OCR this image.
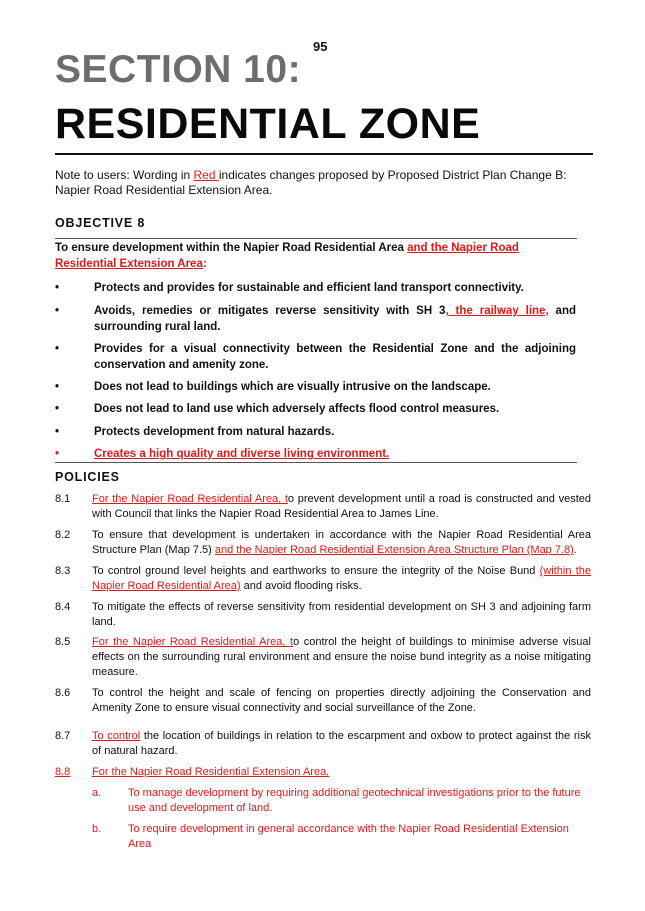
95
SECTION 10:
RESIDENTIAL ZONE
Note to users: Wording in Red indicates changes proposed by Proposed District Plan Change B: Napier Road Residential Extension Area.
OBJECTIVE 8
To ensure development within the Napier Road Residential Area and the Napier Road Residential Extension Area:
•	Protects and provides for sustainable and efficient land transport connectivity.
•	Avoids, remedies or mitigates reverse sensitivity with SH 3, the railway line, and surrounding rural land.
•	Provides for a visual connectivity between the Residential Zone and the adjoining conservation and amenity zone.
•	Does not lead to buildings which are visually intrusive on the landscape.
•	Does not lead to land use which adversely affects flood control measures.
•	Protects development from natural hazards.
•	Creates a high quality and diverse living environment.
POLICIES
8.1	For the Napier Road Residential Area, to prevent development until a road is constructed and vested with Council that links the Napier Road Residential Area to James Line.
8.2	To ensure that development is undertaken in accordance with the Napier Road Residential Area Structure Plan (Map 7.5) and the Napier Road Residential Extension Area Structure Plan (Map 7.8).
8.3	To control ground level heights and earthworks to ensure the integrity of the Noise Bund (within the Napier Road Residential Area) and avoid flooding risks.
8.4	To mitigate the effects of reverse sensitivity from residential development on SH 3 and adjoining farm land.
8.5	For the Napier Road Residential Area, to control the height of buildings to minimise adverse visual effects on the surrounding rural environment and ensure the noise bund integrity as a noise mitigating measure.
8.6	To control the height and scale of fencing on properties directly adjoining the Conservation and Amenity Zone to ensure visual connectivity and social surveillance of the Zone.
8.7	To control the location of buildings in relation to the escarpment and oxbow to protect against the risk of natural hazard.
8.8	For the Napier Road Residential Extension Area,
a.	To manage development by requiring additional geotechnical investigations prior to the future use and development of land.
b.	To require development in general accordance with the Napier Road Residential Extension Area
